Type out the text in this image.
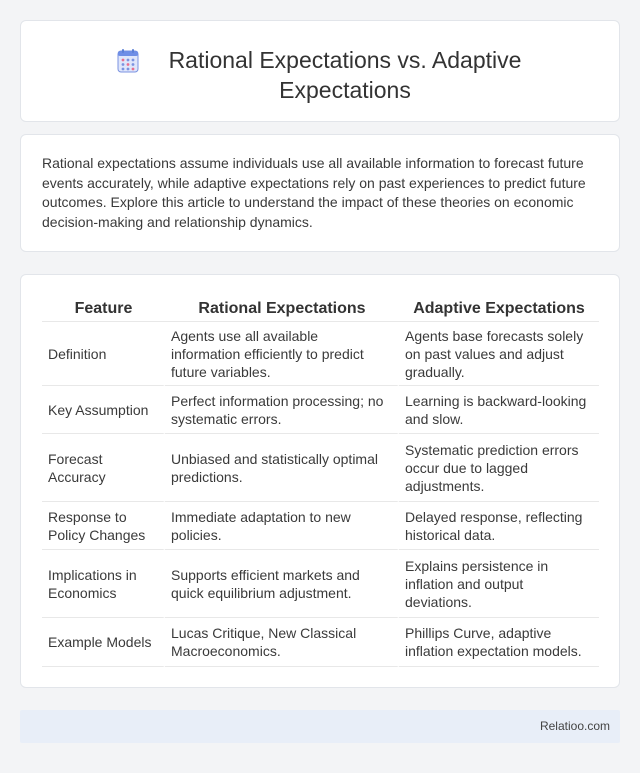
Rational Expectations vs. Adaptive Expectations

Rational expectations assume individuals use all available information to forecast future events accurately, while adaptive expectations rely on past experiences to predict future outcomes. Explore this article to understand the impact of these theories on economic decision-making and relationship dynamics.

Feature	Rational Expectations	Adaptive Expectations
Definition	Agents use all available information efficiently to predict future variables.	Agents base forecasts solely on past values and adjust gradually.
Key Assumption	Perfect information processing; no systematic errors.	Learning is backward-looking and slow.
Forecast Accuracy	Unbiased and statistically optimal predictions.	Systematic prediction errors occur due to lagged adjustments.
Response to Policy Changes	Immediate adaptation to new policies.	Delayed response, reflecting historical data.
Implications in Economics	Supports efficient markets and quick equilibrium adjustment.	Explains persistence in inflation and output deviations.
Example Models	Lucas Critique, New Classical Macroeconomics.	Phillips Curve, adaptive inflation expectation models.
Relatioo.com
